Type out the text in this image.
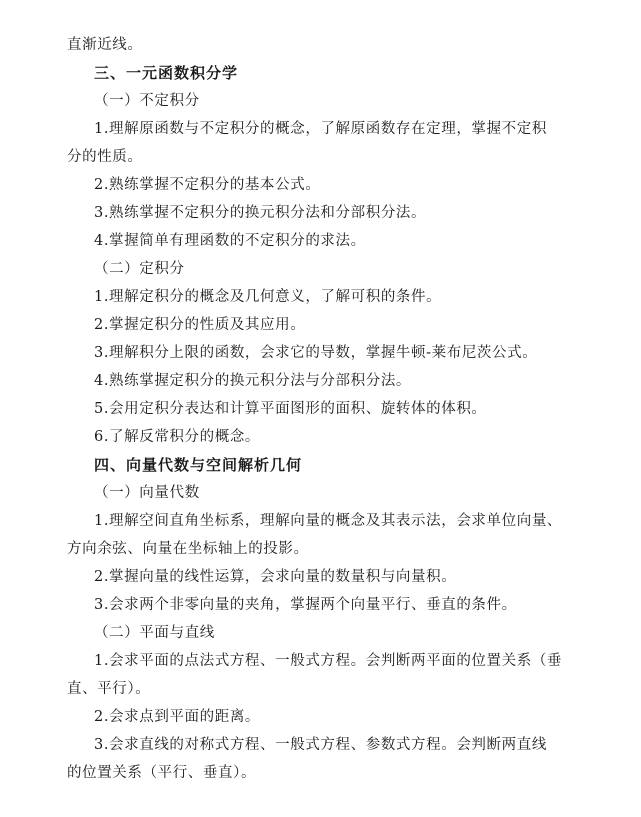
直渐近线。
三、一元函数积分学
（一）不定积分
1.理解原函数与不定积分的概念，了解原函数存在定理，掌握不定积
分的性质。
2.熟练掌握不定积分的基本公式。
3.熟练掌握不定积分的换元积分法和分部积分法。
4.掌握简单有理函数的不定积分的求法。
（二）定积分
1.理解定积分的概念及几何意义，了解可积的条件。
2.掌握定积分的性质及其应用。
3.理解积分上限的函数，会求它的导数，掌握牛顿-莱布尼茨公式。
4.熟练掌握定积分的换元积分法与分部积分法。
5.会用定积分表达和计算平面图形的面积、旋转体的体积。
6.了解反常积分的概念。
四、向量代数与空间解析几何
（一）向量代数
1.理解空间直角坐标系，理解向量的概念及其表示法，会求单位向量、
方向余弦、向量在坐标轴上的投影。
2.掌握向量的线性运算，会求向量的数量积与向量积。
3.会求两个非零向量的夹角，掌握两个向量平行、垂直的条件。
（二）平面与直线
1.会求平面的点法式方程、一般式方程。会判断两平面的位置关系（垂
直、平行）。
2.会求点到平面的距离。
3.会求直线的对称式方程、一般式方程、参数式方程。会判断两直线
的位置关系（平行、垂直）。
